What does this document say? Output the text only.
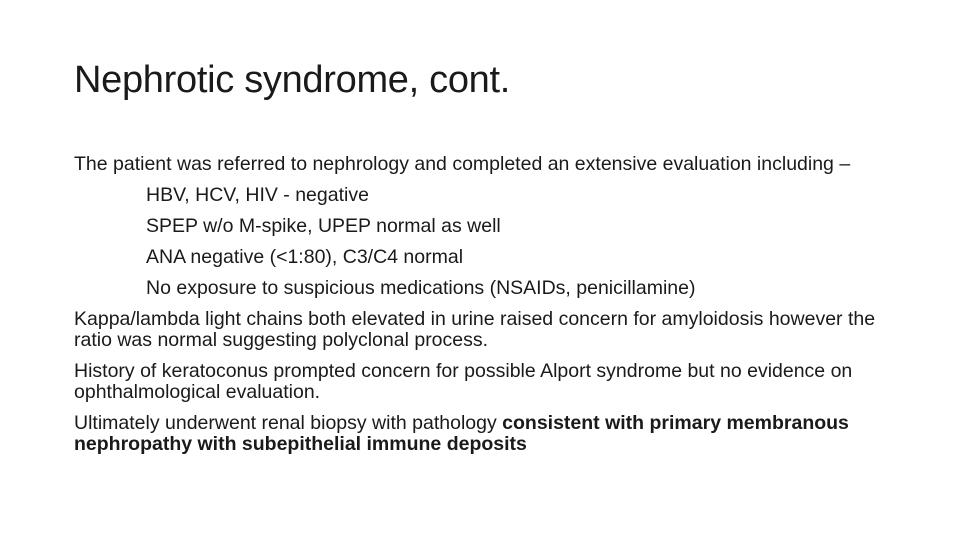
Nephrotic syndrome, cont.

The patient was referred to nephrology and completed an extensive evaluation including –

HBV, HCV, HIV - negative

SPEP w/o M-spike, UPEP normal as well

ANA negative (<1:80), C3/C4 normal

No exposure to suspicious medications (NSAIDs, penicillamine)

Kappa/lambda light chains both elevated in urine raised concern for amyloidosis however the ratio was normal suggesting polyclonal process.

History of keratoconus prompted concern for possible Alport syndrome but no evidence on ophthalmological evaluation.

Ultimately underwent renal biopsy with pathology consistent with primary membranous nephropathy with subepithelial immune deposits
